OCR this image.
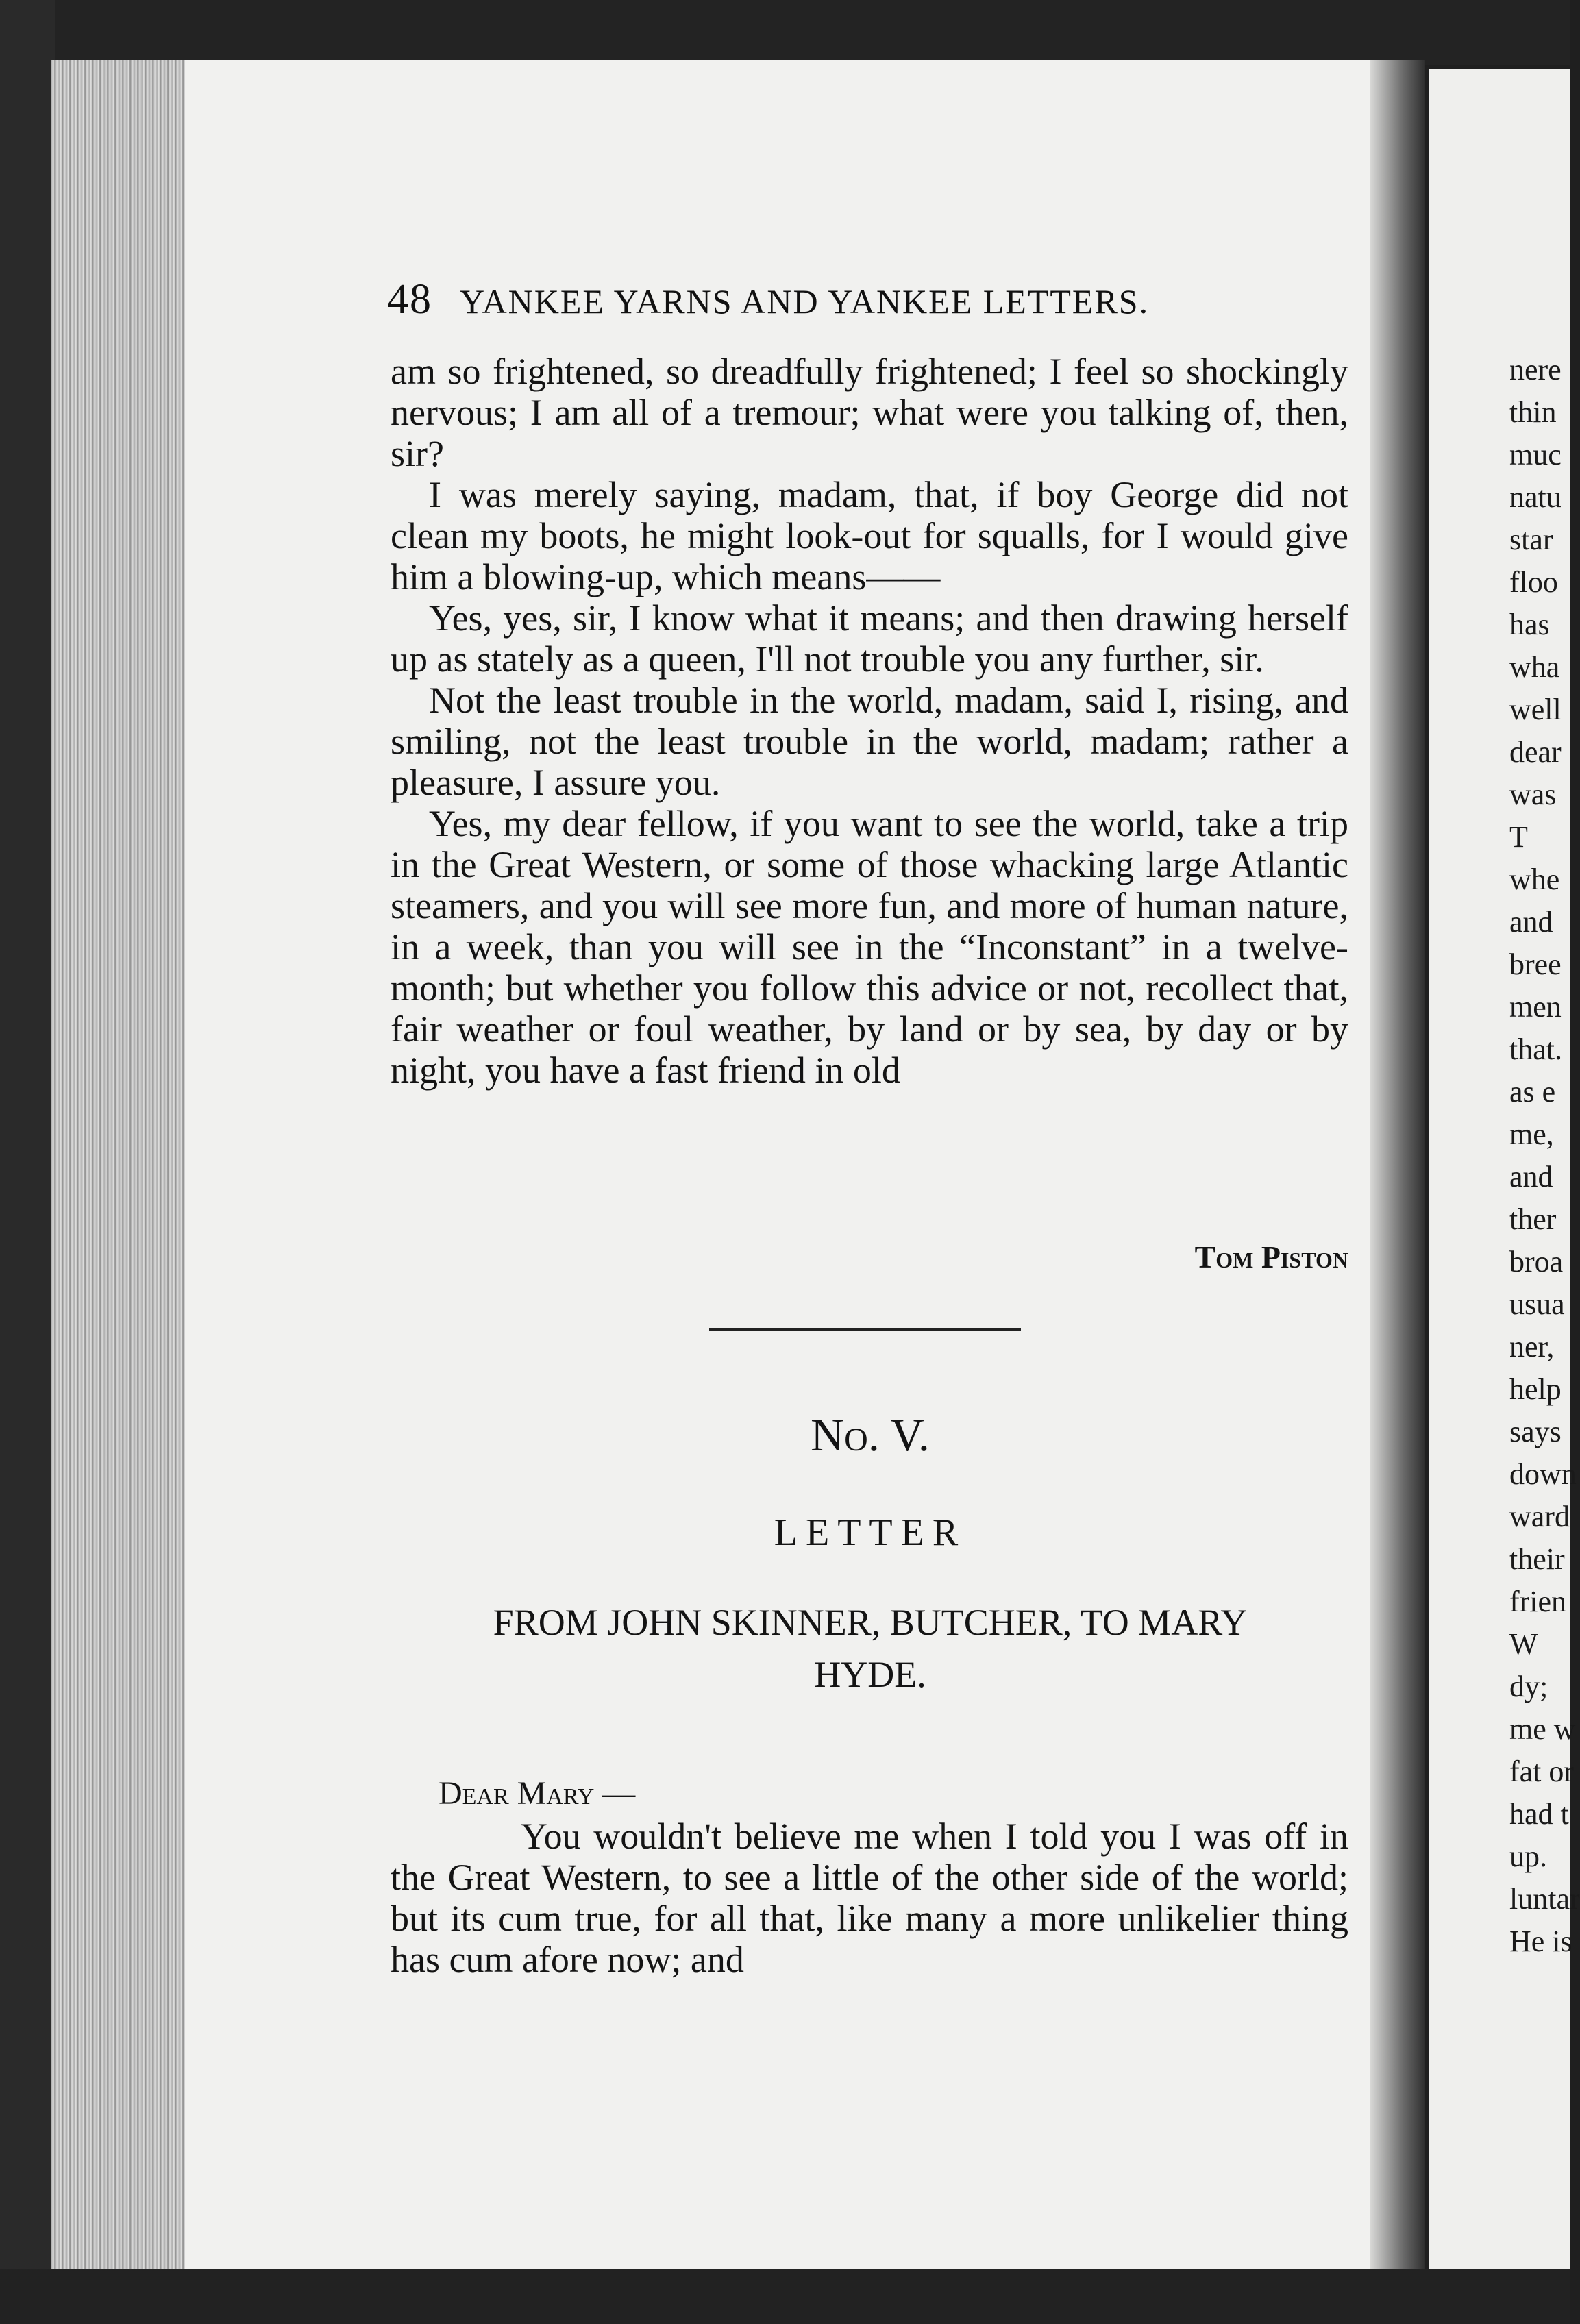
nere
thin
muc
natu
star
floo
has
wha
well
dear
was
T
whe
and
bree
men
that.
as e
me,
and
ther
broa
usua
ner,
help
says
down
ward
their
frien
W
dy;
me w
fat or
had t
up.
luntar
He is
48 YANKEE YARNS AND YANKEE LETTERS.

am so frightened, so dreadfully frightened; I feel so shockingly nervous; I am all of a tremour; what were you talking of, then, sir?

I was merely saying, madam, that, if boy George did not clean my boots, he might look-out for squalls, for I would give him a blowing-up, which means——

Yes, yes, sir, I know what it means; and then drawing herself up as stately as a queen, I'll not trouble you any further, sir.

Not the least trouble in the world, madam, said I, rising, and smiling, not the least trouble in the world, madam; rather a pleasure, I assure you.

Yes, my dear fellow, if you want to see the world, take a trip in the Great Western, or some of those whacking large Atlantic steamers, and you will see more fun, and more of human nature, in a week, than you will see in the “Inconstant” in a twelve-month; but whether you follow this advice or not, recollect that, fair weather or foul weather, by land or by sea, by day or by night, you have a fast friend in old

Tom Piston
No. V.
LETTER
FROM JOHN SKINNER, BUTCHER, TO MARY HYDE.
Dear Mary —

You wouldn't believe me when I told you I was off in the Great Western, to see a little of the other side of the world; but its cum true, for all that, like many a more unlikelier thing has cum afore now; and
